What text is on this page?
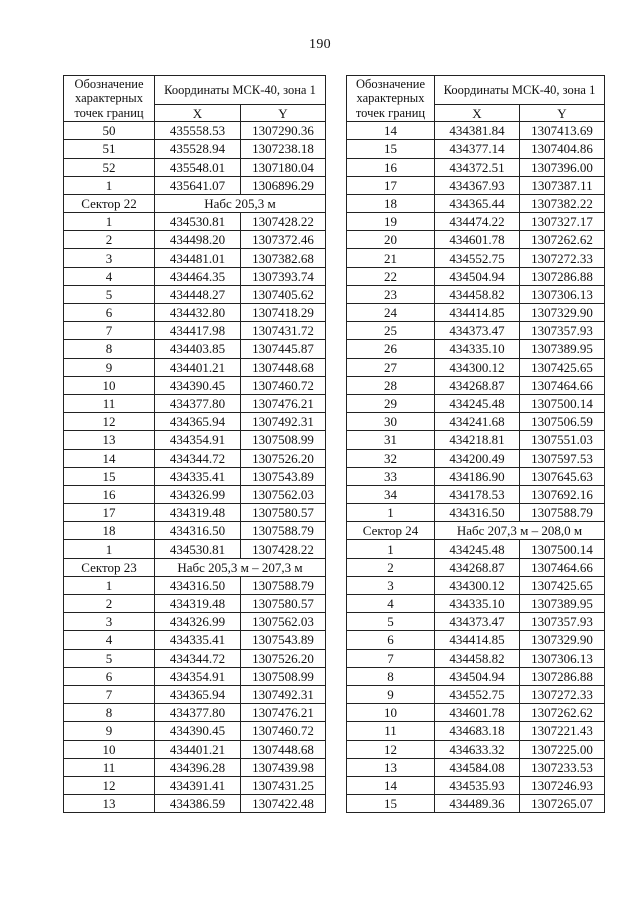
190
Обозначение характерных точек границ	Координаты МСК-40, зона 1	
	X	Y
50	435558.53	1307290.36
51	435528.94	1307238.18
52	435548.01	1307180.04
1	435641.07	1306896.29
Сектор 22	Набс 205,3 м	
1	434530.81	1307428.22
2	434498.20	1307372.46
3	434481.01	1307382.68
4	434464.35	1307393.74
5	434448.27	1307405.62
6	434432.80	1307418.29
7	434417.98	1307431.72
8	434403.85	1307445.87
9	434401.21	1307448.68
10	434390.45	1307460.72
11	434377.80	1307476.21
12	434365.94	1307492.31
13	434354.91	1307508.99
14	434344.72	1307526.20
15	434335.41	1307543.89
16	434326.99	1307562.03
17	434319.48	1307580.57
18	434316.50	1307588.79
1	434530.81	1307428.22
Сектор 23	Набс 205,3 м – 207,3 м	
1	434316.50	1307588.79
2	434319.48	1307580.57
3	434326.99	1307562.03
4	434335.41	1307543.89
5	434344.72	1307526.20
6	434354.91	1307508.99
7	434365.94	1307492.31
8	434377.80	1307476.21
9	434390.45	1307460.72
10	434401.21	1307448.68
11	434396.28	1307439.98
12	434391.41	1307431.25
13	434386.59	1307422.48
Обозначение характерных точек границ	Координаты МСК-40, зона 1	
	X	Y
14	434381.84	1307413.69
15	434377.14	1307404.86
16	434372.51	1307396.00
17	434367.93	1307387.11
18	434365.44	1307382.22
19	434474.22	1307327.17
20	434601.78	1307262.62
21	434552.75	1307272.33
22	434504.94	1307286.88
23	434458.82	1307306.13
24	434414.85	1307329.90
25	434373.47	1307357.93
26	434335.10	1307389.95
27	434300.12	1307425.65
28	434268.87	1307464.66
29	434245.48	1307500.14
30	434241.68	1307506.59
31	434218.81	1307551.03
32	434200.49	1307597.53
33	434186.90	1307645.63
34	434178.53	1307692.16
1	434316.50	1307588.79
Сектор 24	Набс 207,3 м – 208,0 м	
1	434245.48	1307500.14
2	434268.87	1307464.66
3	434300.12	1307425.65
4	434335.10	1307389.95
5	434373.47	1307357.93
6	434414.85	1307329.90
7	434458.82	1307306.13
8	434504.94	1307286.88
9	434552.75	1307272.33
10	434601.78	1307262.62
11	434683.18	1307221.43
12	434633.32	1307225.00
13	434584.08	1307233.53
14	434535.93	1307246.93
15	434489.36	1307265.07
